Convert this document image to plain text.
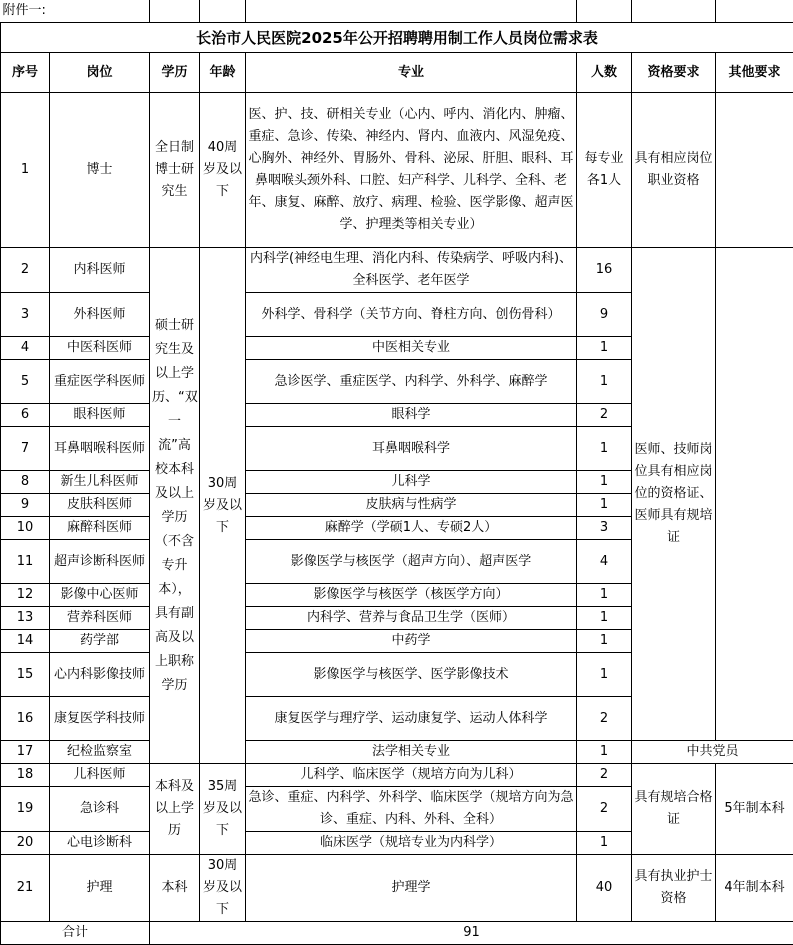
附件一:							
长治市人民医院2025年公开招聘聘用制工作人员岗位需求表							
序号	岗位	学历	年龄	专业	人数	资格要求	其他要求
1	博士	全日制博士研究生	40周岁及以下	医、护、技、研相关专业（心内、呼内、消化内、肿瘤、重症、急诊、传染、神经内、肾内、血液内、风湿免疫、心胸外、神经外、胃肠外、骨科、泌尿、肝胆、眼科、耳鼻咽喉头颈外科、口腔、妇产科学、儿科学、全科、老年、康复、麻醉、放疗、病理、检验、医学影像、超声医学、护理类等相关专业）	每专业各1人	具有相应岗位职业资格	
2	内科医师	硕士研究生及以上学历、“双一流”高校本科及以上学历（不含专升本），具有副高及以上职称学历	30周岁及以下	内科学(神经电生理、消化内科、传染病学、呼吸内科)、全科医学、老年医学	16	医师、技师岗位具有相应岗位的资格证、医师具有规培证	
3	外科医师			外科学、骨科学（关节方向、脊柱方向、创伤骨科）	9		
4	中医科医师			中医相关专业	1		
5	重症医学科医师			急诊医学、重症医学、内科学、外科学、麻醉学	1		
6	眼科医师			眼科学	2		
7	耳鼻咽喉科医师			耳鼻咽喉科学	1		
8	新生儿科医师			儿科学	1		
9	皮肤科医师			皮肤病与性病学	1		
10	麻醉科医师			麻醉学（学硕1人、专硕2人）	3		
11	超声诊断科医师			影像医学与核医学（超声方向）、超声医学	4		
12	影像中心医师			影像医学与核医学（核医学方向）	1		
13	营养科医师			内科学、营养与食品卫生学（医师）	1		
14	药学部			中药学	1		
15	心内科影像技师			影像医学与核医学、医学影像技术	1		
16	康复医学科技师			康复医学与理疗学、运动康复学、运动人体科学	2		
17	纪检监察室			法学相关专业	1	中共党员	
18	儿科医师	本科及以上学历	35周岁及以下	儿科学、临床医学（规培方向为儿科）	2	具有规培合格证	5年制本科
19	急诊科			急诊、重症、内科学、外科学、临床医学（规培方向为急诊、重症、内科、外科、全科）	2		
20	心电诊断科			临床医学（规培专业为内科学）	1		
21	护理	本科	30周岁及以下	护理学	40	具有执业护士资格	4年制本科
合计		91					
